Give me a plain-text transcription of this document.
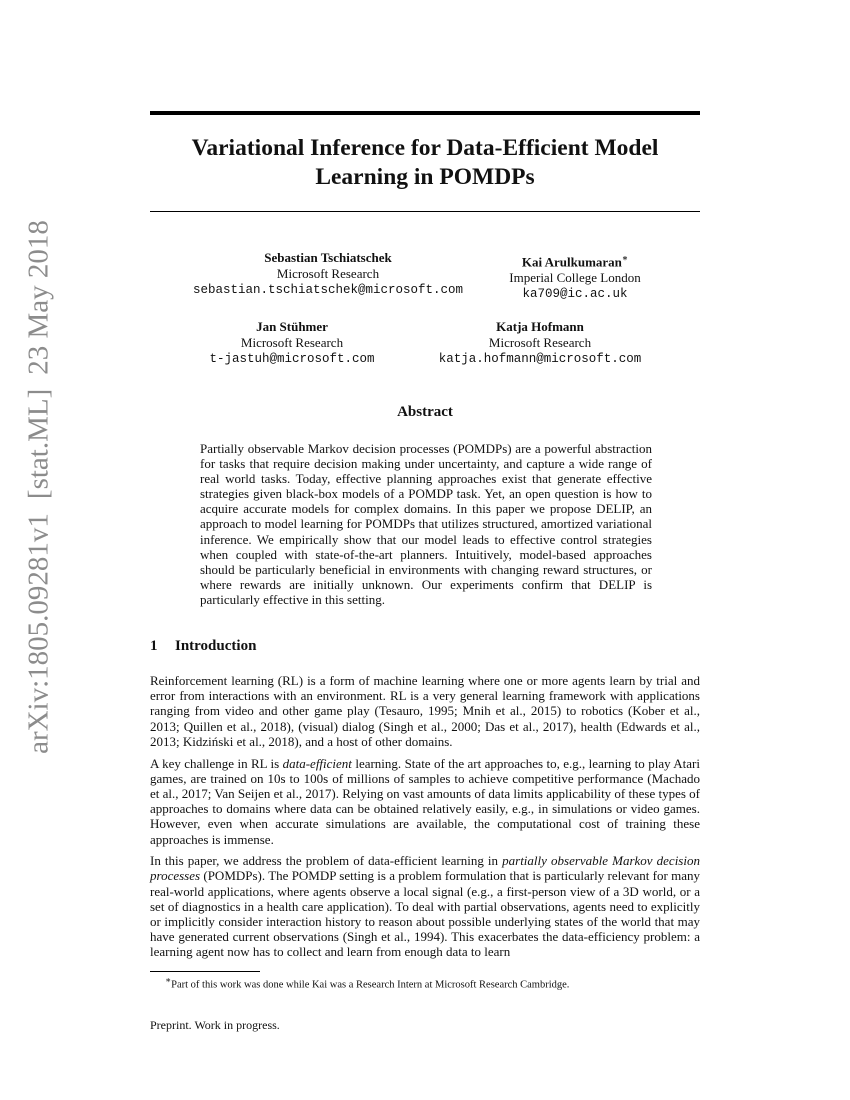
arXiv:1805.09281v1[stat.ML]23 May 2018
Variational Inference for Data-Efficient Model
Learning in POMDPs
Sebastian Tschiatschek
Microsoft Research
sebastian.tschiatschek@microsoft.com
Kai Arulkumaran∗
Imperial College London
ka709@ic.ac.uk
Jan Stühmer
Microsoft Research
t-jastuh@microsoft.com
Katja Hofmann
Microsoft Research
katja.hofmann@microsoft.com
Abstract

Partially observable Markov decision processes (POMDPs) are a powerful abstraction for tasks that require decision making under uncertainty, and capture a wide range of real world tasks. Today, effective planning approaches exist that generate effective strategies given black-box models of a POMDP task. Yet, an open question is how to acquire accurate models for complex domains. In this paper we propose DELIP, an approach to model learning for POMDPs that utilizes structured, amortized variational inference. We empirically show that our model leads to effective control strategies when coupled with state-of-the-art planners. Intuitively, model-based approaches should be particularly beneficial in environments with changing reward structures, or where rewards are initially unknown. Our experiments confirm that DELIP is particularly effective in this setting.

1 Introduction

Reinforcement learning (RL) is a form of machine learning where one or more agents learn by trial and error from interactions with an environment. RL is a very general learning framework with applications ranging from video and other game play (Tesauro, 1995; Mnih et al., 2015) to robotics (Kober et al., 2013; Quillen et al., 2018), (visual) dialog (Singh et al., 2000; Das et al., 2017), health (Edwards et al., 2013; Kidziński et al., 2018), and a host of other domains.

A key challenge in RL is data-efficient learning. State of the art approaches to, e.g., learning to play Atari games, are trained on 10s to 100s of millions of samples to achieve competitive performance (Machado et al., 2017; Van Seijen et al., 2017). Relying on vast amounts of data limits applicability of these types of approaches to domains where data can be obtained relatively easily, e.g., in simulations or video games. However, even when accurate simulations are available, the computational cost of training these approaches is immense.

In this paper, we address the problem of data-efficient learning in partially observable Markov decision processes (POMDPs). The POMDP setting is a problem formulation that is particularly relevant for many real-world applications, where agents observe a local signal (e.g., a first-person view of a 3D world, or a set of diagnostics in a health care application). To deal with partial observations, agents need to explicitly or implicitly consider interaction history to reason about possible underlying states of the world that may have generated current observations (Singh et al., 1994). This exacerbates the data-efficiency problem: a learning agent now has to collect and learn from enough data to learn

∗Part of this work was done while Kai was a Research Intern at Microsoft Research Cambridge.
Preprint. Work in progress.
